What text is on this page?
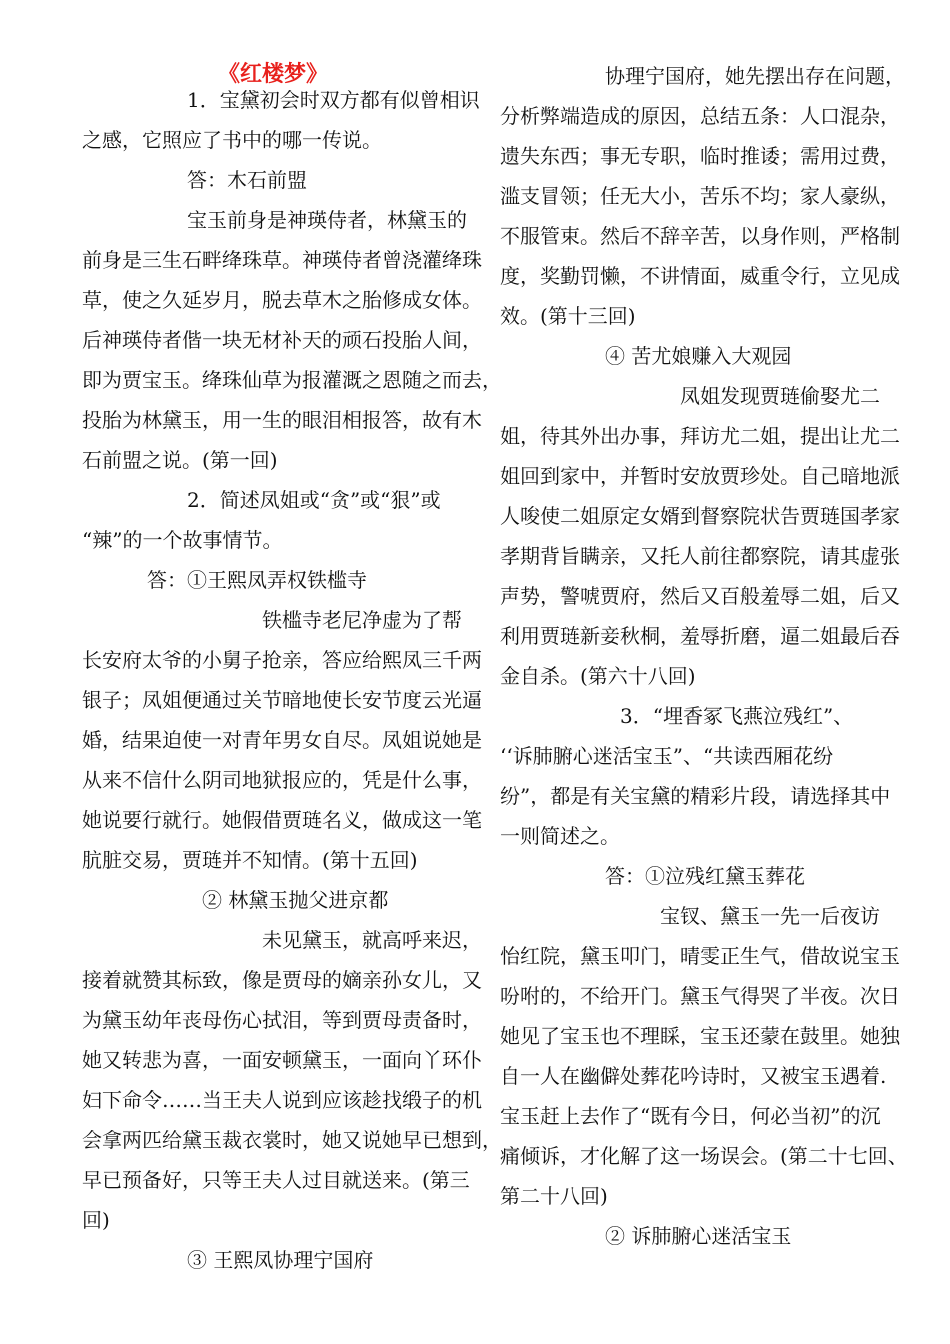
《红楼梦》
1．宝黛初会时双方都有似曾相识
之感，它照应了书中的哪一传说。
答：木石前盟
宝玉前身是神瑛侍者，林黛玉的
前身是三生石畔绛珠草。神瑛侍者曾浇灌绛珠
草，使之久延岁月，脱去草木之胎修成女体。
后神瑛侍者偕一块无材补天的顽石投胎人间，
即为贾宝玉。绛珠仙草为报灌溉之恩随之而去，
投胎为林黛玉，用一生的眼泪相报答，故有木
石前盟之说。(第一回)
2．简述凤姐或“贪”或“狠”或
“辣”的一个故事情节。
答：①王熙凤弄权铁槛寺
铁槛寺老尼净虚为了帮
长安府太爷的小舅子抢亲，答应给熙凤三千两
银子；凤姐便通过关节暗地使长安节度云光逼
婚，结果迫使一对青年男女自尽。凤姐说她是
从来不信什么阴司地狱报应的，凭是什么事，
她说要行就行。她假借贾琏名义，做成这一笔
肮脏交易，贾琏并不知情。(第十五回)
② 林黛玉抛父进京都
未见黛玉，就高呼来迟，
接着就赞其标致，像是贾母的嫡亲孙女儿，又
为黛玉幼年丧母伤心拭泪，等到贾母责备时，
她又转悲为喜，一面安顿黛玉，一面向丫环仆
妇下命令……当王夫人说到应该趁找缎子的机
会拿两匹给黛玉裁衣裳时，她又说她早已想到，
早已预备好，只等王夫人过目就送来。(第三
回)
③ 王熙凤协理宁国府
协理宁国府，她先摆出存在问题，
分析弊端造成的原因，总结五条：人口混杂，
遗失东西；事无专职，临时推诿；需用过费，
滥支冒领；任无大小，苦乐不均；家人豪纵，
不服管束。然后不辞辛苦，以身作则，严格制
度，奖勤罚懒，不讲情面，威重令行，立见成
效。(第十三回)
④ 苦尤娘赚入大观园
凤姐发现贾琏偷娶尤二
姐，待其外出办事，拜访尤二姐，提出让尤二
姐回到家中，并暂时安放贾珍处。自己暗地派
人唆使二姐原定女婿到督察院状告贾琏国孝家
孝期背旨瞒亲，又托人前往都察院，请其虚张
声势，警唬贾府，然后又百般羞辱二姐，后又
利用贾琏新妾秋桐，羞辱折磨，逼二姐最后吞
金自杀。(第六十八回)
3．“埋香冢飞燕泣残红”、
‘‘诉肺腑心迷活宝玉”、“共读西厢花纷
纷”，都是有关宝黛的精彩片段，请选择其中
一则简述之。
答：①泣残红黛玉葬花
宝钗、黛玉一先一后夜访
怡红院，黛玉叩门，晴雯正生气，借故说宝玉
吩咐的，不给开门。黛玉气得哭了半夜。次日
她见了宝玉也不理睬，宝玉还蒙在鼓里。她独
自一人在幽僻处葬花吟诗时，又被宝玉遇着.
宝玉赶上去作了“既有今日，何必当初”的沉
痛倾诉，才化解了这一场误会。(第二十七回、
第二十八回)
② 诉肺腑心迷活宝玉
